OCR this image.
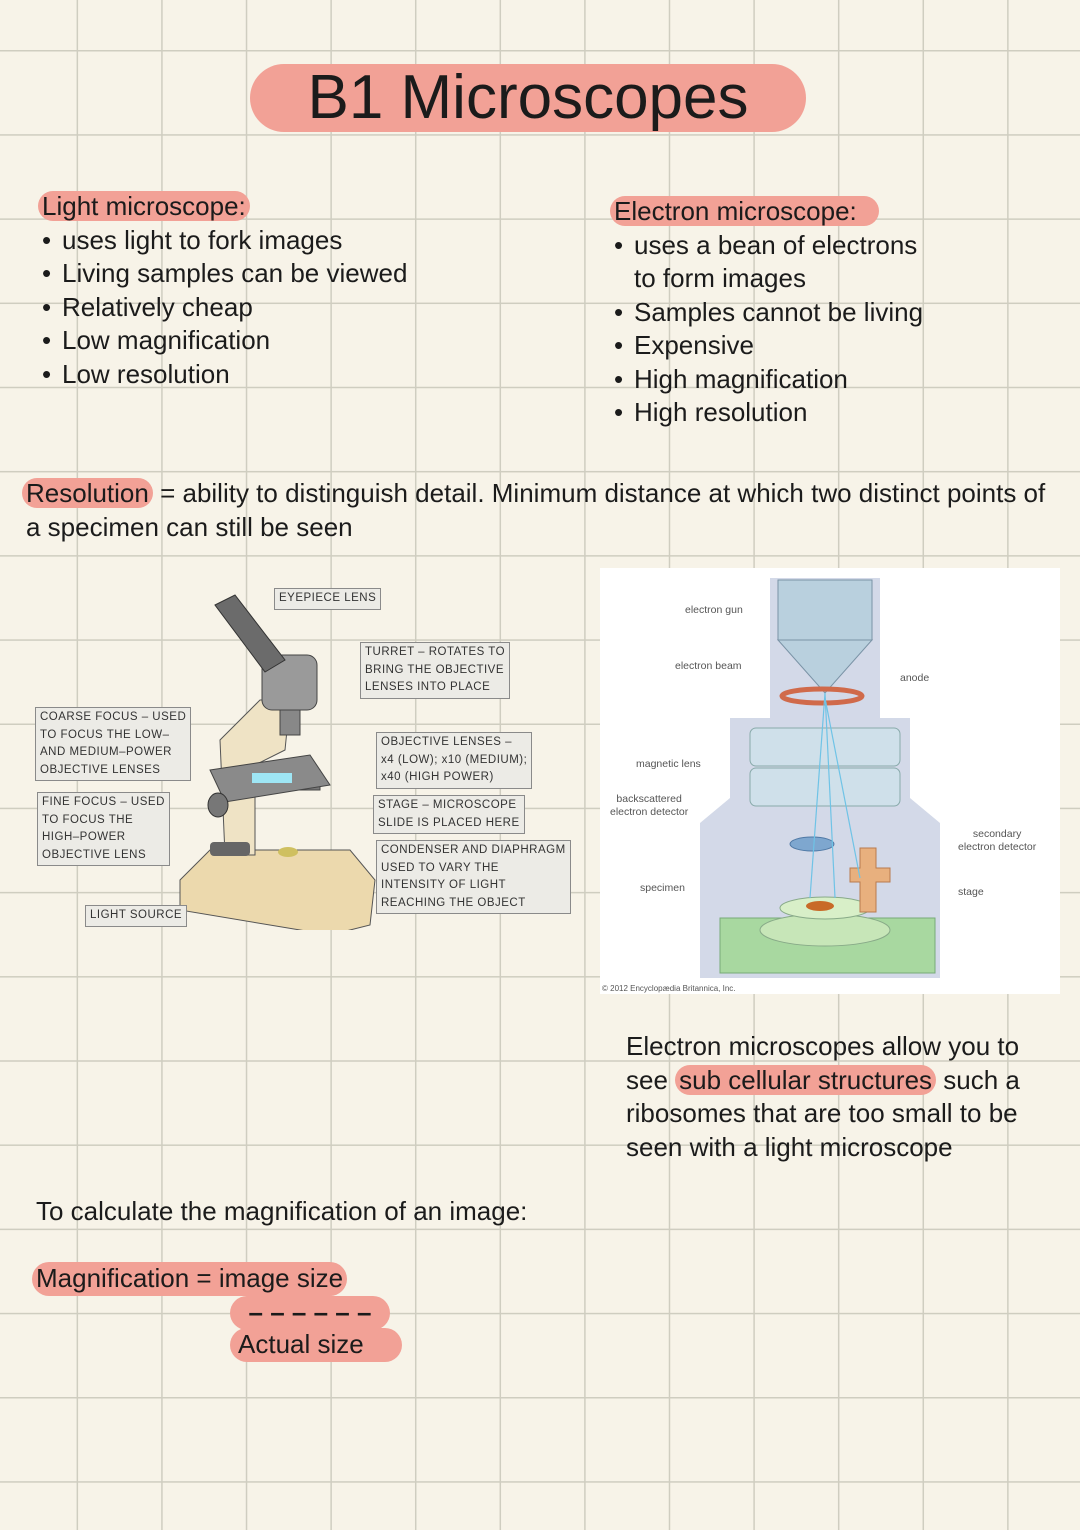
B1 Microscopes
Light microscope:
• uses light to fork images
• Living samples can be viewed
• Relatively cheap
• Low magnification
• Low resolution
Electron microscope:
• uses a bean of electrons
to form images
• Samples cannot be living
• Expensive
• High magnification
• High resolution
Resolution = ability to distinguish detail. Minimum distance at which two distinct points of a specimen can still be seen
EYEPIECE LENS
TURRET – ROTATES TO
BRING THE OBJECTIVE
LENSES INTO PLACE
COARSE FOCUS – USED
TO FOCUS THE LOW–
AND MEDIUM–POWER
OBJECTIVE LENSES
OBJECTIVE LENSES –
x4 (LOW); x10 (MEDIUM);
x40 (HIGH POWER)
FINE FOCUS – USED
TO FOCUS THE
HIGH–POWER
OBJECTIVE LENS
STAGE – MICROSCOPE
SLIDE IS PLACED HERE
CONDENSER AND DIAPHRAGM
USED TO VARY THE
INTENSITY OF LIGHT
REACHING THE OBJECT
LIGHT SOURCE
electron gun
electron beam
anode
magnetic lens
backscattered
electron detector
secondary
electron detector
specimen	stage
© 2012 Encyclopædia Britannica, Inc.
Electron microscopes allow you to see sub cellular structures such a ribosomes that are too small to be seen with a light microscope
To calculate the magnification of an image:
Magnification = image size
– – – – – –
Actual size
